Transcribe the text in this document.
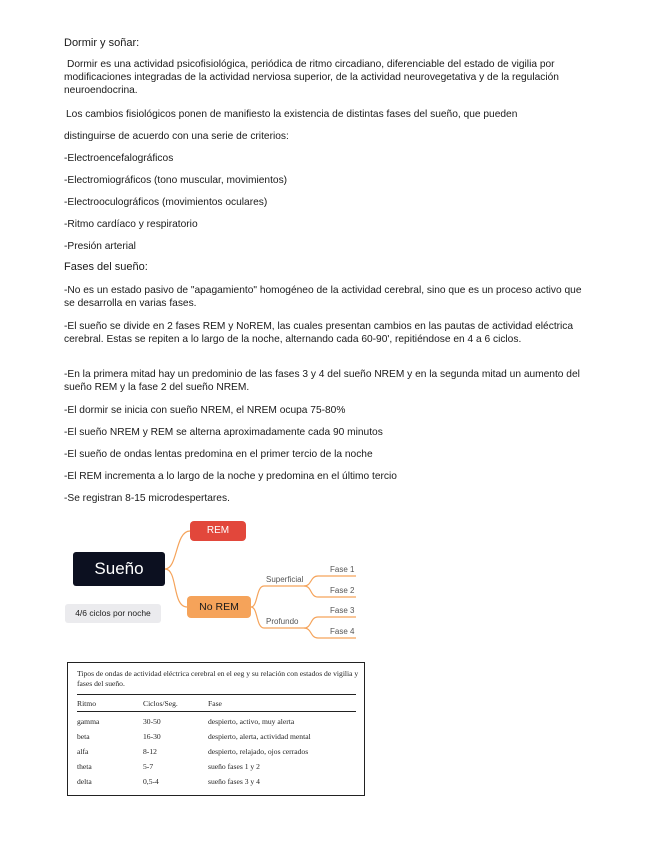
Dormir y soñar:
Dormir es una actividad psicofisiológica, periódica de ritmo circadiano, diferenciable del estado de vigilia por modificaciones integradas de la actividad nerviosa superior, de la actividad neurovegetativa y de la regulación neuroendocrina.
Los cambios fisiológicos ponen de manifiesto la existencia de distintas fases del sueño, que pueden
distinguirse de acuerdo con una serie de criterios:
-Electroencefalográficos
-Electromiográficos (tono muscular, movimientos)
-Electrooculográficos (movimientos oculares)
-Ritmo cardíaco y respiratorio
-Presión arterial
Fases del sueño:
-No es un estado pasivo de "apagamiento" homogéneo de la actividad cerebral, sino que es un proceso activo que se desarrolla en varias fases.
-El sueño se divide en 2 fases REM y NoREM, las cuales presentan cambios en las pautas de actividad eléctrica cerebral. Estas se repiten a lo largo de la noche, alternando cada 60-90', repitiéndose en 4 a 6 ciclos.
-En la primera mitad hay un predominio de las fases 3 y 4 del sueño NREM y en la segunda mitad un aumento del sueño REM y la fase 2 del sueño NREM.
-El dormir se inicia con sueño NREM, el NREM ocupa 75-80%
-El sueño NREM y REM se alterna aproximadamente cada 90 minutos
-El sueño de ondas lentas predomina en el primer tercio de la noche
-El REM incrementa a lo largo de la noche y predomina en el último tercio
-Se registran 8-15 microdespertares.
Sueño
REM
No REM
4/6 ciclos por noche
Superficial
Profundo
Fase 1
Fase 2
Fase 3
Fase 4
Tipos de ondas de actividad eléctrica cerebral en el eeg y su relación con estados de vigilia y fases del sueño.
Ritmo	Ciclos/Seg.	Fase
gamma	30-50	despierto, activo, muy alerta
beta	16-30	despierto, alerta, actividad mental
alfa	8-12	despierto, relajado, ojos cerrados
theta	5-7	sueño fases 1 y 2
delta	0,5-4	sueño fases 3 y 4
